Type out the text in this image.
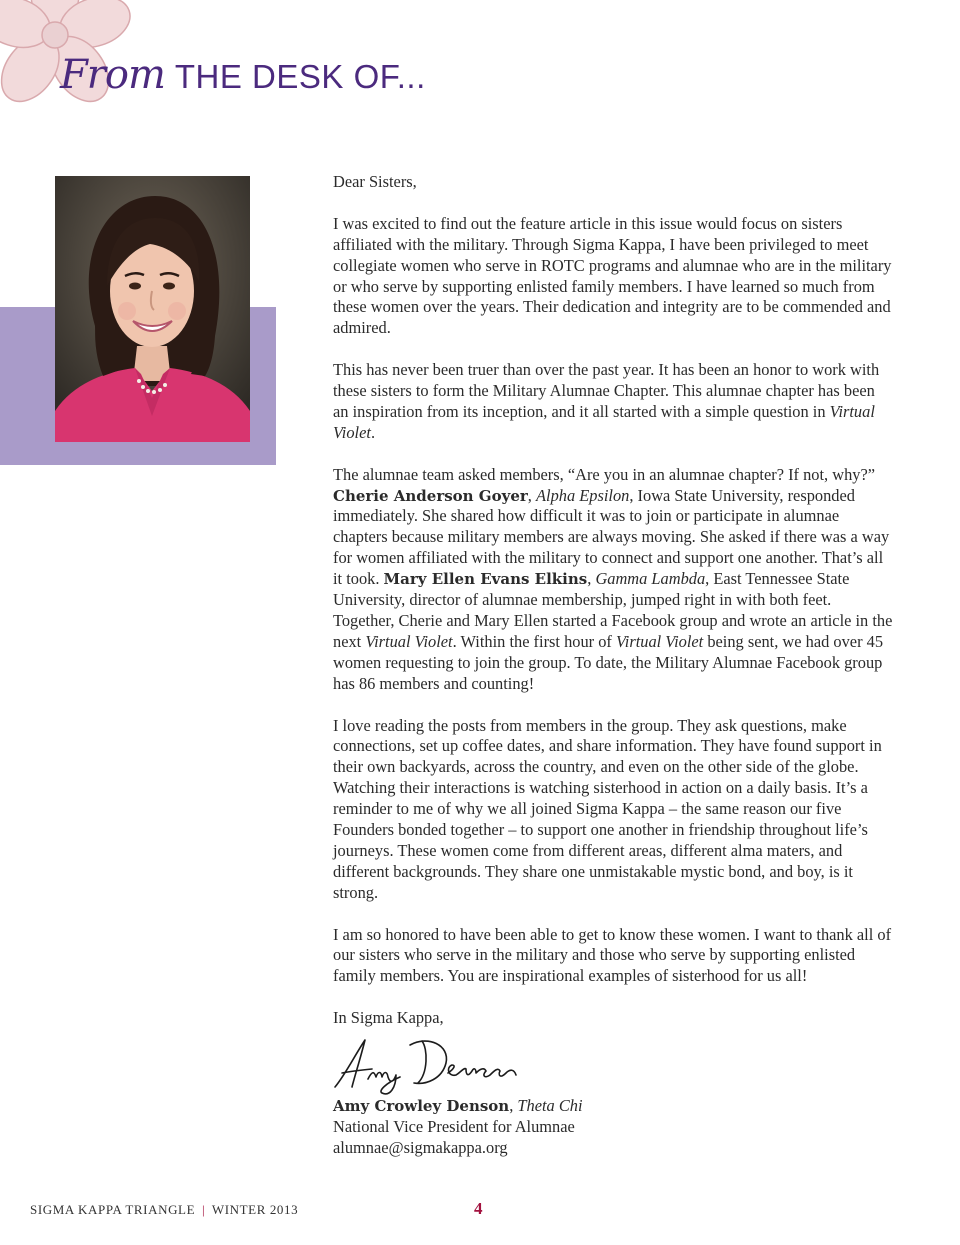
From THE DESK OF...

Dear Sisters,

I was excited to find out the feature article in this issue would focus on sisters affiliated with the military. Through Sigma Kappa, I have been privileged to meet collegiate women who serve in ROTC programs and alumnae who are in the military or who serve by supporting enlisted family members. I have learned so much from these women over the years. Their dedication and integrity are to be commended and admired.

This has never been truer than over the past year. It has been an honor to work with these sisters to form the Military Alumnae Chapter. This alumnae chapter has been an inspiration from its inception, and it all started with a simple question in Virtual Violet.

The alumnae team asked members, “Are you in an alumnae chapter? If not, why?” Cherie Anderson Goyer, Alpha Epsilon, Iowa State University, responded immediately. She shared how difficult it was to join or participate in alumnae chapters because military members are always moving. She asked if there was a way for women affiliated with the military to connect and support one another. That’s all it took. Mary Ellen Evans Elkins, Gamma Lambda, East Tennessee State University, director of alumnae membership, jumped right in with both feet. Together, Cherie and Mary Ellen started a Facebook group and wrote an article in the next Virtual Violet. Within the first hour of Virtual Violet being sent, we had over 45 women requesting to join the group. To date, the Military Alumnae Facebook group has 86 members and counting!

I love reading the posts from members in the group. They ask questions, make connections, set up coffee dates, and share information. They have found support in their own backyards, across the country, and even on the other side of the globe. Watching their interactions is watching sisterhood in action on a daily basis. It’s a reminder to me of why we all joined Sigma Kappa – the same reason our five Founders bonded together – to support one another in friendship throughout life’s journeys. These women come from different areas, different alma maters, and different backgrounds. They share one unmistakable mystic bond, and boy, is it strong.

I am so honored to have been able to get to know these women. I want to thank all of our sisters who serve in the military and those who serve by supporting enlisted family members. You are inspirational examples of sisterhood for us all!

In Sigma Kappa,

Amy Crowley Denson, Theta Chi
National Vice President for Alumnae
alumnae@sigmakappa.org
SIGMA KAPPA TRIANGLE | WINTER 2013	4
